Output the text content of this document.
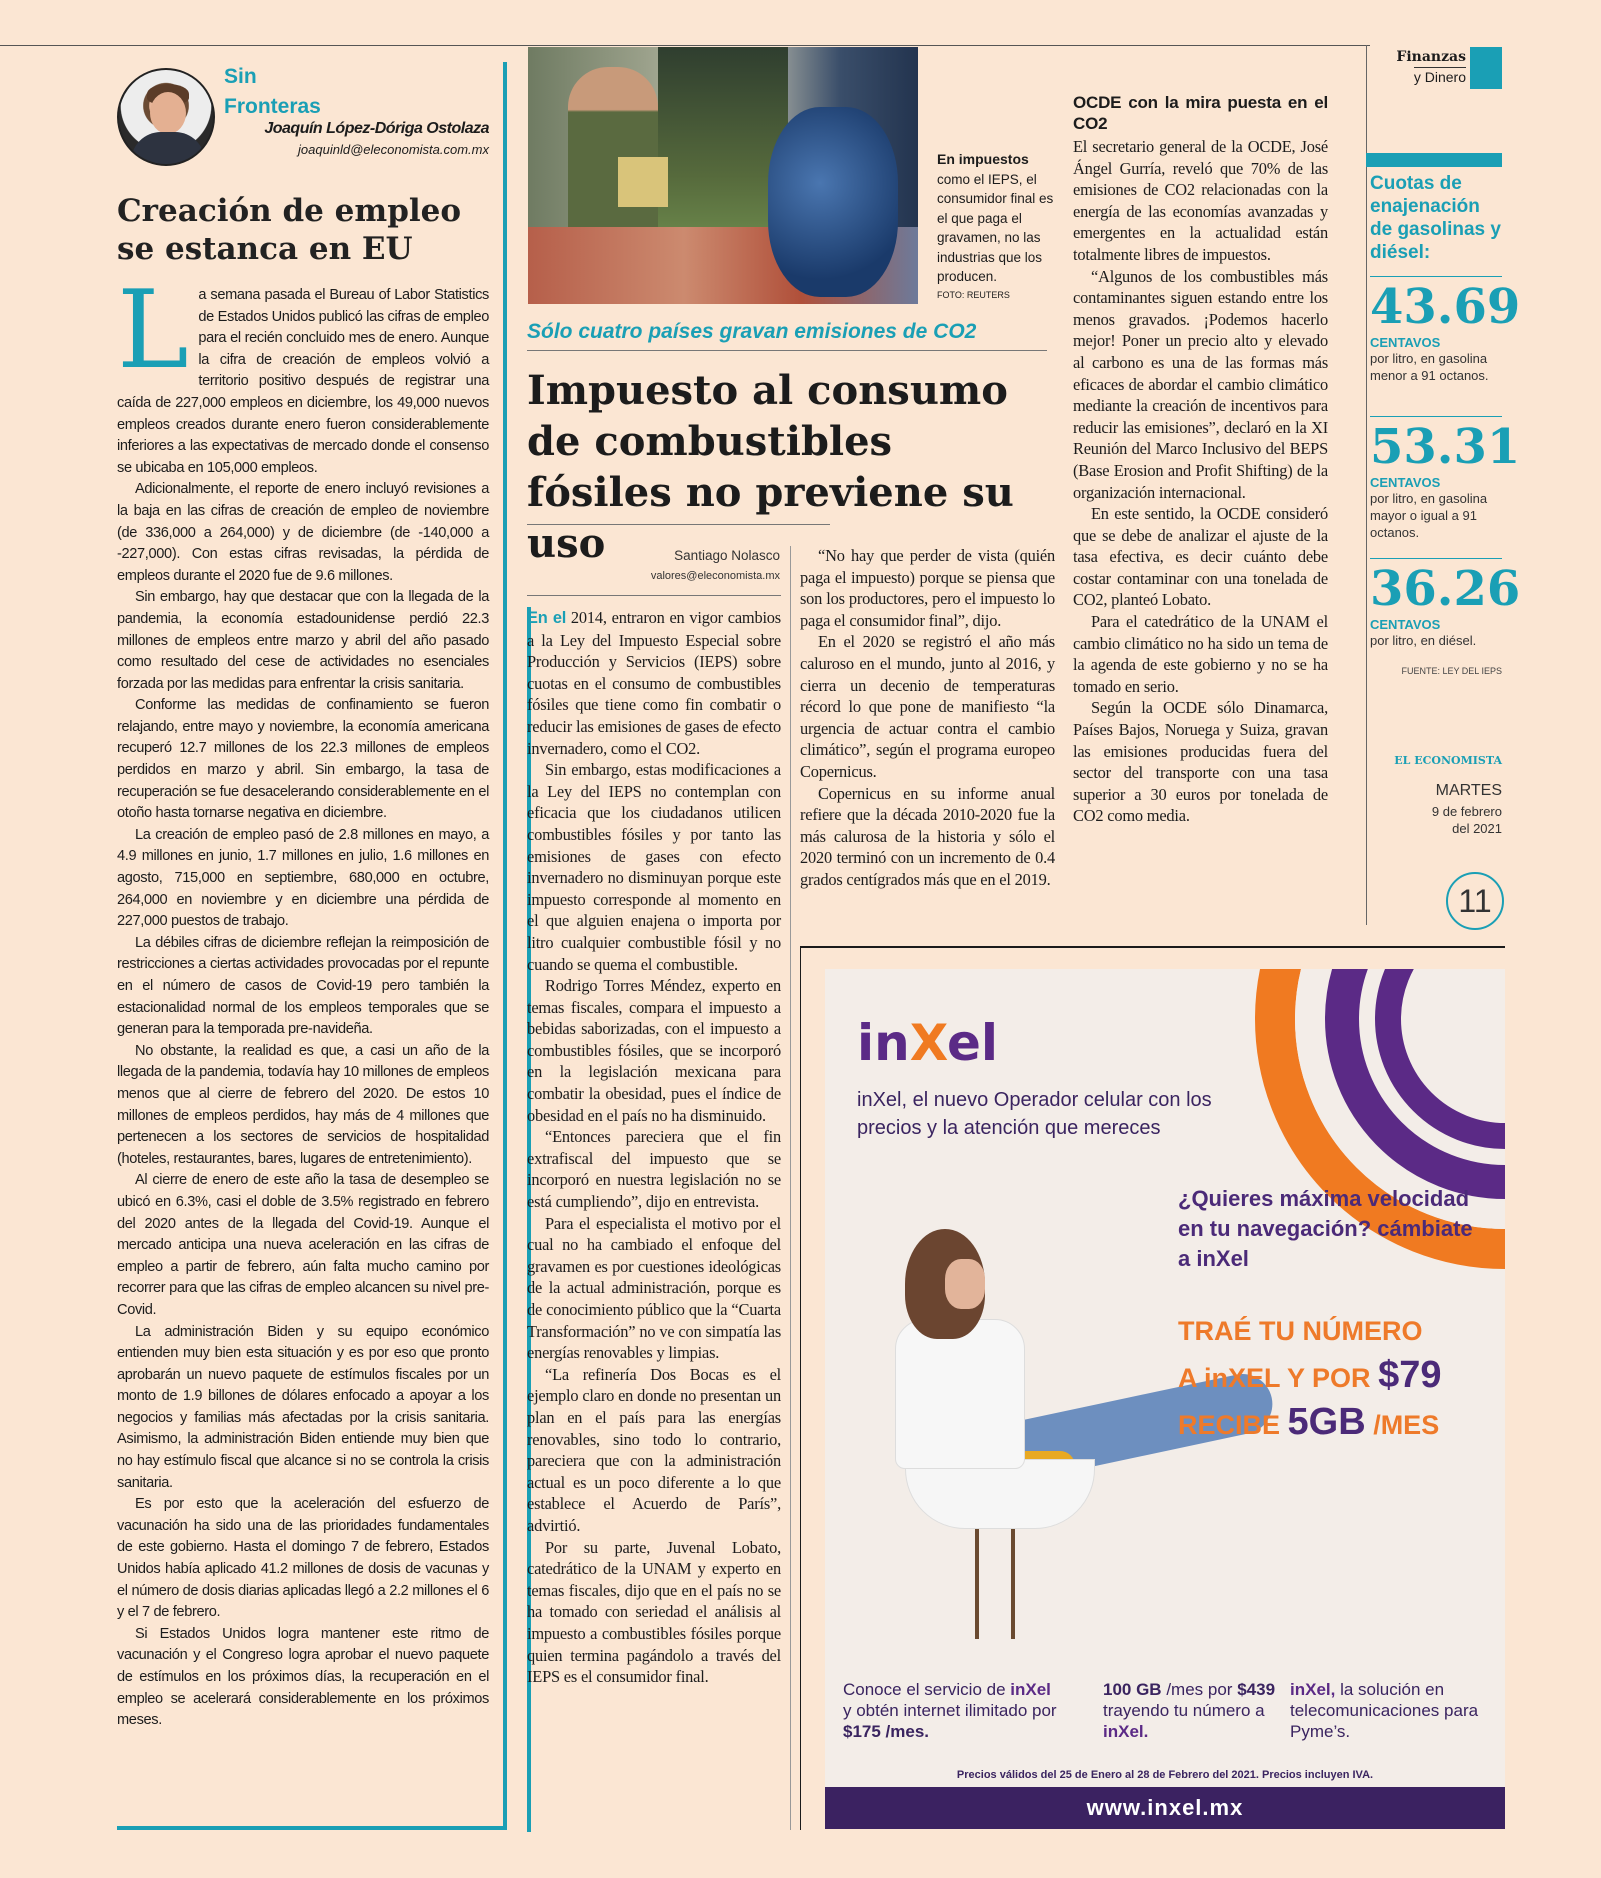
Sin Fronteras
Joaquín López-Dóriga Ostolaza
joaquinld@eleconomista.com.mx
Creación de empleo se estanca en EU

La semana pasada el Bureau of Labor Statistics de Estados Unidos publicó las cifras de empleo para el recién concluido mes de enero. Aunque la cifra de creación de empleos volvió a territorio positivo después de registrar una caída de 227,000 empleos en diciembre, los 49,000 nuevos empleos creados durante enero fueron considerablemente inferiores a las expectativas de mercado donde el consenso se ubicaba en 105,000 empleos.

Adicionalmente, el reporte de enero incluyó revisiones a la baja en las cifras de creación de empleo de noviembre (de 336,000 a 264,000) y de diciembre (de -140,000 a -227,000). Con estas cifras revisadas, la pérdida de empleos durante el 2020 fue de 9.6 millones.

Sin embargo, hay que destacar que con la llegada de la pandemia, la economía estadounidense perdió 22.3 millones de empleos entre marzo y abril del año pasado como resultado del cese de actividades no esenciales forzada por las medidas para enfrentar la crisis sanitaria.

Conforme las medidas de confinamiento se fueron relajando, entre mayo y noviembre, la economía americana recuperó 12.7 millones de los 22.3 millones de empleos perdidos en marzo y abril. Sin embargo, la tasa de recuperación se fue desacelerando considerablemente en el otoño hasta tornarse negativa en diciembre.

La creación de empleo pasó de 2.8 millones en mayo, a 4.9 millones en junio, 1.7 millones en julio, 1.6 millones en agosto, 715,000 en septiembre, 680,000 en octubre, 264,000 en noviembre y en diciembre una pérdida de 227,000 puestos de trabajo.

La débiles cifras de diciembre reflejan la reimposición de restricciones a ciertas actividades provocadas por el repunte en el número de casos de Covid-19 pero también la estacionalidad normal de los empleos temporales que se generan para la temporada pre-navideña.

No obstante, la realidad es que, a casi un año de la llegada de la pandemia, todavía hay 10 millones de empleos menos que al cierre de febrero del 2020. De estos 10 millones de empleos perdidos, hay más de 4 millones que pertenecen a los sectores de servicios de hospitalidad (hoteles, restaurantes, bares, lugares de entretenimiento).

Al cierre de enero de este año la tasa de desempleo se ubicó en 6.3%, casi el doble de 3.5% registrado en febrero del 2020 antes de la llegada del Covid-19. Aunque el mercado anticipa una nueva aceleración en las cifras de empleo a partir de febrero, aún falta mucho camino por recorrer para que las cifras de empleo alcancen su nivel pre-Covid.

La administración Biden y su equipo económico entienden muy bien esta situación y es por eso que pronto aprobarán un nuevo paquete de estímulos fiscales por un monto de 1.9 billones de dólares enfocado a apoyar a los negocios y familias más afectadas por la crisis sanitaria. Asimismo, la administración Biden entiende muy bien que no hay estímulo fiscal que alcance si no se controla la crisis sanitaria.

Es por esto que la aceleración del esfuerzo de vacunación ha sido una de las prioridades fundamentales de este gobierno. Hasta el domingo 7 de febrero, Estados Unidos había aplicado 41.2 millones de dosis de vacunas y el número de dosis diarias aplicadas llegó a 2.2 millones el 6 y el 7 de febrero.

Si Estados Unidos logra mantener este ritmo de vacunación y el Congreso logra aprobar el nuevo paquete de estímulos en los próximos días, la recuperación en el empleo se acelerará considerablemente en los próximos meses.

En impuestos como el IEPS, el consumidor final es el que paga el gravamen, no las industrias que los producen.
FOTO: REUTERS
Sólo cuatro países gravan emisiones de CO2
Impuesto al consumo de combustibles fósiles no previene su uso	Santiago Nolasco
valores@eleconomista.mx

En el 2014, entraron en vigor cambios a la Ley del Impuesto Especial sobre Producción y Servicios (IEPS) sobre cuotas en el consumo de combustibles fósiles que tiene como fin combatir o reducir las emisiones de gases de efecto invernadero, como el CO2.

Sin embargo, estas modificaciones a la Ley del IEPS no contemplan con eficacia que los ciudadanos utilicen combustibles fósiles y por tanto las emisiones de gases con efecto invernadero no disminuyan porque este impuesto corresponde al momento en el que alguien enajena o importa por litro cualquier combustible fósil y no cuando se quema el combustible.

Rodrigo Torres Méndez, experto en temas fiscales, compara el impuesto a bebidas saborizadas, con el impuesto a combustibles fósiles, que se incorporó en la legislación mexicana para combatir la obesidad, pues el índice de obesidad en el país no ha disminuido.

“Entonces pareciera que el fin extrafiscal del impuesto que se incorporó en nuestra legislación no se está cumpliendo”, dijo en entrevista.

Para el especialista el motivo por el cual no ha cambiado el enfoque del gravamen es por cuestiones ideológicas de la actual administración, porque es de conocimiento público que la “Cuarta Transformación” no ve con simpatía las energías renovables y limpias.

“La refinería Dos Bocas es el ejemplo claro en donde no presentan un plan en el país para las energías renovables, sino todo lo contrario, pareciera que con la administración actual es un poco diferente a lo que establece el Acuerdo de París”, advirtió.

Por su parte, Juvenal Lobato, catedrático de la UNAM y experto en temas fiscales, dijo que en el país no se ha tomado con seriedad el análisis al impuesto a combustibles fósiles porque quien termina pagándolo a través del IEPS es el consumidor final.

“No hay que perder de vista (quién paga el impuesto) porque se piensa que son los productores, pero el impuesto lo paga el consumidor final”, dijo.

En el 2020 se registró el año más caluroso en el mundo, junto al 2016, y cierra un decenio de temperaturas récord lo que pone de manifiesto “la urgencia de actuar contra el cambio climático”, según el programa europeo Copernicus.

Copernicus en su informe anual refiere que la década 2010-2020 fue la más calurosa de la historia y sólo el 2020 terminó con un incremento de 0.4 grados centígrados más que en el 2019.

OCDE con la mira puesta en el CO2

El secretario general de la OCDE, José Ángel Gurría, reveló que 70% de las emisiones de CO2 relacionadas con la energía de las economías avanzadas y emergentes en la actualidad están totalmente libres de impuestos.

“Algunos de los combustibles más contaminantes siguen estando entre los menos gravados. ¡Podemos hacerlo mejor! Poner un precio alto y elevado al carbono es una de las formas más eficaces de abordar el cambio climático mediante la creación de incentivos para reducir las emisiones”, declaró en la XI Reunión del Marco Inclusivo del BEPS (Base Erosion and Profit Shifting) de la organización internacional.

En este sentido, la OCDE consideró que se debe de analizar el ajuste de la tasa efectiva, es decir cuánto debe costar contaminar con una tonelada de CO2, planteó Lobato.

Para el catedrático de la UNAM el cambio climático no ha sido un tema de la agenda de este gobierno y no se ha tomado en serio.

Según la OCDE sólo Dinamarca, Países Bajos, Noruega y Suiza, gravan las emisiones producidas fuera del sector del transporte con una tasa superior a 30 euros por tonelada de CO2 como media.

Finanzas
y Dinero
Cuotas de enajenación de gasolinas y diésel:
43.69
CENTAVOS
por litro, en gasolina menor a 91 octanos.
53.31
CENTAVOS
por litro, en gasolina mayor o igual a 91 octanos.
36.26
CENTAVOS
por litro, en diésel.
FUENTE: LEY DEL IEPS
EL ECONOMISTA
MARTES
9 de febrero
del 2021
11
inXel
inXel, el nuevo Operador celular con los precios y la atención que mereces
¿Quieres máxima velocidad en tu navegación? cámbiate a inXel
TRAÉ TU NÚMERO
A inXEL Y POR $79
RECIBE 5GB /MES
Conoce el servicio de inXel y obtén internet ilimitado por $175 /mes.
100 GB /mes por $439 trayendo tu número a inXel.
inXel, la solución en telecomunicaciones para Pyme’s.
Precios válidos del 25 de Enero al 28 de Febrero del 2021. Precios incluyen IVA.
www.inxel.mx
